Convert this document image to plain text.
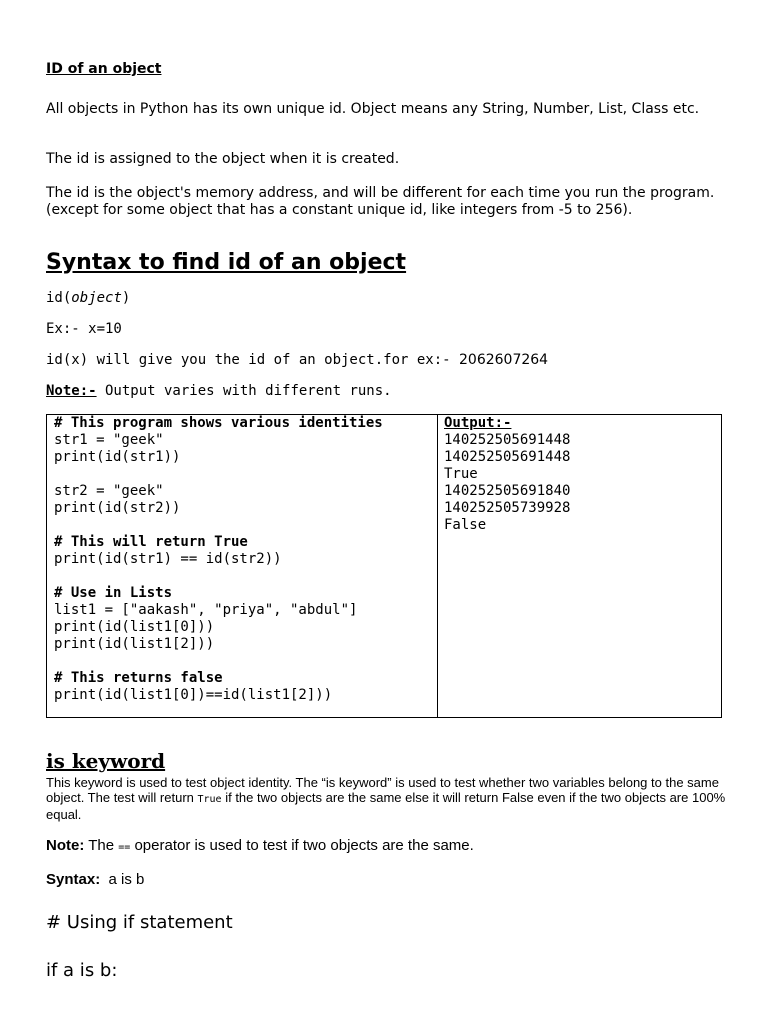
ID of an object

All objects in Python has its own unique id. Object means any String, Number, List, Class etc.

The id is assigned to the object when it is created.

The id is the object's memory address, and will be different for each time you run the program. (except for some object that has a constant unique id, like integers from -5 to 256).

Syntax to find id of an object
id(object)
Ex:- x=10
id(x) will give you the id of an object.for ex:- 2062607264
Note:- Output varies with different runs.
# This program shows various identities
str1 = "geek"
print(id(str1))
str2 = "geek"
print(id(str2))
# This will return True
print(id(str1) == id(str2))
# Use in Lists
list1 = ["aakash", "priya", "abdul"]
print(id(list1[0]))
print(id(list1[2]))
# This returns false
print(id(list1[0])==id(list1[2]))
Output:-
140252505691448
140252505691448
True
140252505691840
140252505739928
False
is keyword

This keyword is used to test object identity. The “is keyword” is used to test whether two variables belong to the same object. The test will return True if the two objects are the same else it will return False even if the two objects are 100% equal.

Note: The == operator is used to test if two objects are the same.

Syntax:  a is b

# Using if statement

if a is b:
